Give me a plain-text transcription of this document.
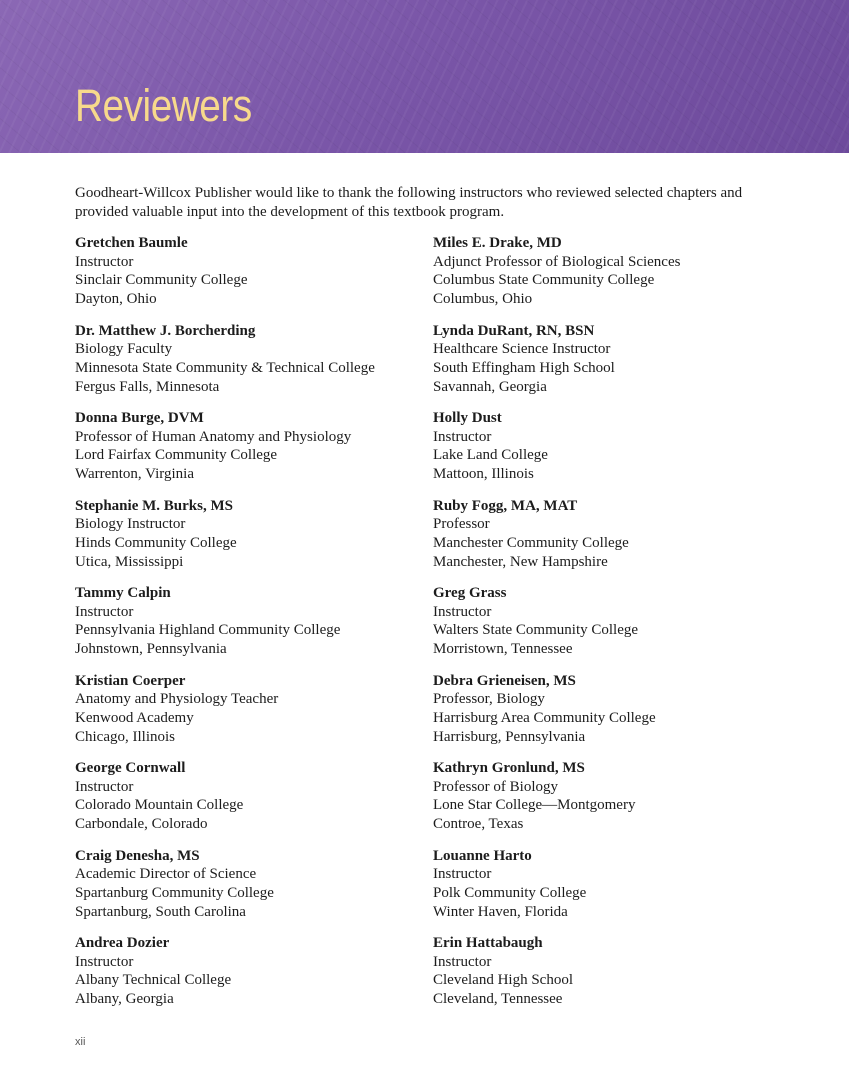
Reviewers

Goodheart-Willcox Publisher would like to thank the following instructors who reviewed selected chapters and provided valuable input into the development of this textbook program.

Gretchen Baumle
Instructor
Sinclair Community College
Dayton, Ohio
Dr. Matthew J. Borcherding
Biology Faculty
Minnesota State Community & Technical College
Fergus Falls, Minnesota
Donna Burge, DVM
Professor of Human Anatomy and Physiology
Lord Fairfax Community College
Warrenton, Virginia
Stephanie M. Burks, MS
Biology Instructor
Hinds Community College
Utica, Mississippi
Tammy Calpin
Instructor
Pennsylvania Highland Community College
Johnstown, Pennsylvania
Kristian Coerper
Anatomy and Physiology Teacher
Kenwood Academy
Chicago, Illinois
George Cornwall
Instructor
Colorado Mountain College
Carbondale, Colorado
Craig Denesha, MS
Academic Director of Science
Spartanburg Community College
Spartanburg, South Carolina
Andrea Dozier
Instructor
Albany Technical College
Albany, Georgia
Miles E. Drake, MD
Adjunct Professor of Biological Sciences
Columbus State Community College
Columbus, Ohio
Lynda DuRant, RN, BSN
Healthcare Science Instructor
South Effingham High School
Savannah, Georgia
Holly Dust
Instructor
Lake Land College
Mattoon, Illinois
Ruby Fogg, MA, MAT
Professor
Manchester Community College
Manchester, New Hampshire
Greg Grass
Instructor
Walters State Community College
Morristown, Tennessee
Debra Grieneisen, MS
Professor, Biology
Harrisburg Area Community College
Harrisburg, Pennsylvania
Kathryn Gronlund, MS
Professor of Biology
Lone Star College—Montgomery
Controe, Texas
Louanne Harto
Instructor
Polk Community College
Winter Haven, Florida
Erin Hattabaugh
Instructor
Cleveland High School
Cleveland, Tennessee
xii
